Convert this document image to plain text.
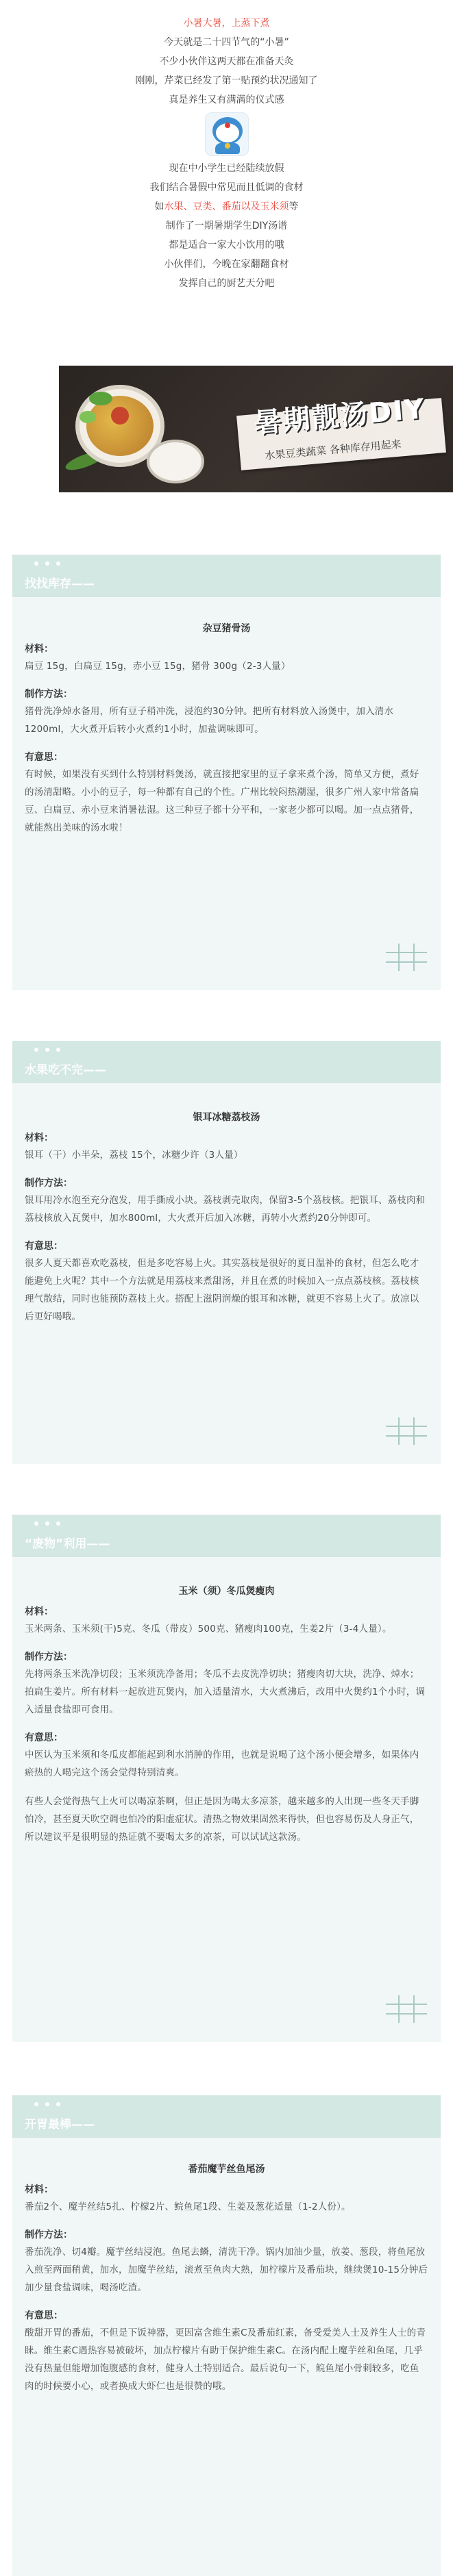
小暑大暑，上蒸下煮
今天就是二十四节气的“小暑”
不少小伙伴这两天都在准备天灸
刚刚，芹菜已经发了第一贴预约状况通知了
真是养生又有满满的仪式感
现在中小学生已经陆续放假
我们结合暑假中常见而且低调的食材
如水果、豆类、番茄以及玉米须等
制作了一期暑期学生DIY汤谱
都是适合一家大小饮用的哦
小伙伴们，今晚在家翻翻食材
发挥自己的厨艺天分吧
暑期靓汤DIY
水果豆类蔬菜 各种库存用起来
找找库存——
杂豆猪骨汤
材料：
扁豆 15g，白扁豆 15g，赤小豆 15g，猪骨 300g（2-3人量）
制作方法：
猪骨洗净焯水备用，所有豆子稍冲洗，浸泡约30分钟。把所有材料放入汤煲中，加入清水1200ml，大火煮开后转小火煮约1小时，加盐调味即可。
有意思：
有时候，如果没有买到什么特别材料煲汤，就直接把家里的豆子拿来煮个汤，简单又方便，煮好的汤清甜略。小小的豆子，每一种都有自己的个性。广州比较闷热潮湿，很多广州人家中常备扁豆、白扁豆、赤小豆来消暑祛湿。这三种豆子都十分平和，一家老少都可以喝。加一点点猪骨，就能熬出美味的汤水啦！
水果吃不完——
银耳冰糖荔枝汤
材料：
银耳（干）小半朵，荔枝 15个，冰糖少许（3人量）
制作方法：
银耳用冷水泡至充分泡发，用手撕成小块。荔枝剥壳取肉，保留3-5个荔枝核。把银耳、荔枝肉和荔枝核放入瓦煲中，加水800ml，大火煮开后加入冰糖，再转小火煮约20分钟即可。
有意思：
很多人夏天都喜欢吃荔枝，但是多吃容易上火。其实荔枝是很好的夏日温补的食材，但怎么吃才能避免上火呢？其中一个方法就是用荔枝来煮甜汤，并且在煮的时候加入一点点荔枝核。荔枝核理气散结，同时也能预防荔枝上火。搭配上滋阴润燥的银耳和冰糖，就更不容易上火了。放凉以后更好喝哦。
“废物”利用——
玉米（须）冬瓜煲瘦肉
材料：
玉米两条、玉米须(干)5克、冬瓜（带皮）500克、猪瘦肉100克，生姜2片（3-4人量）。
制作方法：
先将两条玉米洗净切段；玉米须洗净备用；冬瓜不去皮洗净切块；猪瘦肉切大块，洗净、焯水；拍扁生姜片。所有材料一起放进瓦煲内，加入适量清水，大火煮沸后，改用中火煲约1个小时，调入适量食盐即可食用。
有意思：
中医认为玉米须和冬瓜皮都能起到利水消肿的作用，也就是说喝了这个汤小便会增多，如果体内瘀热的人喝完这个汤会觉得特别清爽。
有些人会觉得热气上火可以喝凉茶啊，但正是因为喝太多凉茶，越来越多的人出现一些冬天手脚怕冷，甚至夏天吹空调也怕冷的阳虚症状。清热之物效果固然来得快，但也容易伤及人身正气，所以建议平是很明显的热证就不要喝太多的凉茶，可以试试这款汤。
开胃最棒——
番茄魔芋丝鱼尾汤
材料：
番茄2个、魔芋丝结5扎、柠檬2片、鲩鱼尾1段、生姜及葱花适量（1-2人份）。
制作方法：
番茄洗净、切4瓣。魔芋丝结浸泡。鱼尾去鳞，清洗干净。锅内加油少量，放姜、葱段，将鱼尾放入煎至两面稍黄，加水，加魔芋丝结，滚煮至鱼肉大熟，加柠檬片及番茄块，继续煲10-15分钟后加少量食盐调味，喝汤吃渣。
有意思：
酸甜开胃的番茄，不但是下饭神器，更因富含维生素C及番茄红素，备受爱美人士及养生人士的青睐。维生素C遇热容易被破坏，加点柠檬片有助于保护维生素C。在汤内配上魔芋丝和鱼尾，几乎没有热量但能增加饱腹感的食材，健身人士特别适合。最后说句一下，鲩鱼尾小骨刺较多，吃鱼肉的时候要小心，或者换成大虾仁也是很赞的哦。
